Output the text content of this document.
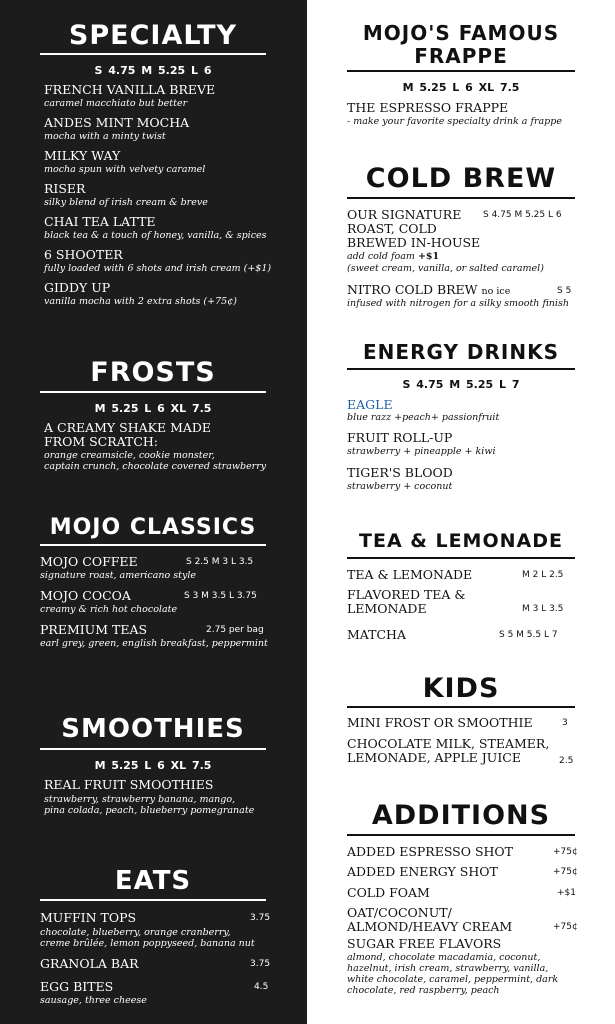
SPECIALTY
S 4.75 M 5.25 L 6
FRENCH VANILLA BREVE
caramel macchiato but better
ANDES MINT MOCHA
mocha with a minty twist
MILKY WAY
mocha spun with velvety caramel
RISER
silky blend of irish cream & breve
CHAI TEA LATTE
black tea & a touch of honey, vanilla, & spices
6 SHOOTER
fully loaded with 6 shots and irish cream (+$1)
GIDDY UP
vanilla mocha with 2 extra shots (+75¢)
FROSTS
M 5.25 L 6 XL 7.5
A CREAMY SHAKE MADE
FROM SCRATCH:
orange creamsicle, cookie monster,
captain crunch, chocolate covered strawberry
MOJO CLASSICS
MOJO COFFEE	S 2.5 M 3 L 3.5
signature roast, americano style
MOJO COCOA	S 3 M 3.5 L 3.75
creamy & rich hot chocolate
PREMIUM TEAS	2.75 per bag
earl grey, green, english breakfast, peppermint
SMOOTHIES
M 5.25 L 6 XL 7.5
REAL FRUIT SMOOTHIES
strawberry, strawberry banana, mango,
pina colada, peach, blueberry pomegranate
EATS
MUFFIN TOPS	3.75
chocolate, blueberry, orange cranberry,
creme brûlée, lemon poppyseed, banana nut
GRANOLA BAR	3.75
EGG BITES	4.5
sausage, three cheese
MOJO'S FAMOUS
FRAPPE
M 5.25 L 6 XL 7.5
THE ESPRESSO FRAPPE
- make your favorite specialty drink a frappe
COLD BREW
OUR SIGNATURE S 4.75 M 5.25 L 6
ROAST, COLD
BREWED IN-HOUSE
add cold foam +$1
(sweet cream, vanilla, or salted caramel)
NITRO COLD BREW no ice	S 5
infused with nitrogen for a silky smooth finish
ENERGY DRINKS
S 4.75 M 5.25 L 7
EAGLE
blue razz +peach+ passionfruit
FRUIT ROLL-UP
strawberry + pineapple + kiwi
TIGER'S BLOOD
strawberry + coconut
TEA & LEMONADE
TEA & LEMONADE	M 2 L 2.5
FLAVORED TEA &
LEMONADE	M 3 L 3.5
MATCHA	S 5 M 5.5 L 7
KIDS
MINI FROST OR SMOOTHIE	3
CHOCOLATE MILK, STEAMER,
LEMONADE, APPLE JUICE	2.5
ADDITIONS
ADDED ESPRESSO SHOT	+75¢
ADDED ENERGY SHOT	+75¢
COLD FOAM	+$1
OAT/COCONUT/
ALMOND/HEAVY CREAM	+75¢
SUGAR FREE FLAVORS
almond, chocolate macadamia, coconut,
hazelnut, irish cream, strawberry, vanilla,
white chocolate, caramel, peppermint, dark
chocolate, red raspberry, peach
